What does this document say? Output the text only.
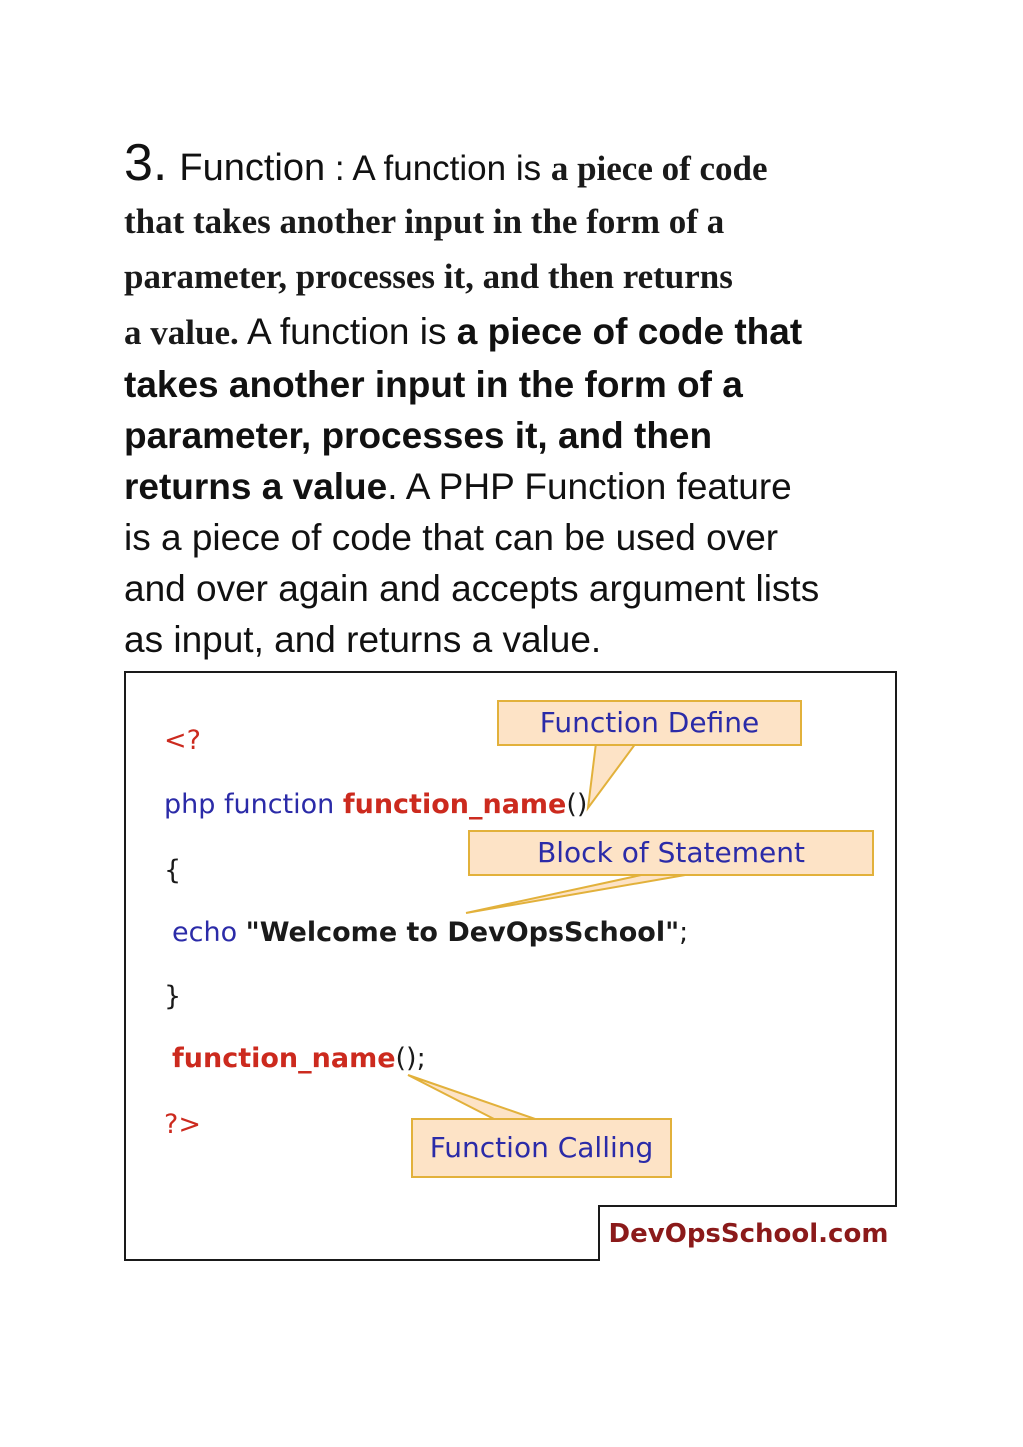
3. Function : A function is a piece of code
that takes another input in the form of a
parameter, processes it, and then returns
a value. A function is a piece of code that
takes another input in the form of a
parameter, processes it, and then
returns a value. A PHP Function feature
is a piece of code that can be used over
and over again and accepts argument lists
as input, and returns a value.
<?
php function function_name()
{
echo "Welcome to DevOpsSchool";
}
function_name();
?>
Function Define
Block of Statement
Function Calling
DevOpsSchool.com
